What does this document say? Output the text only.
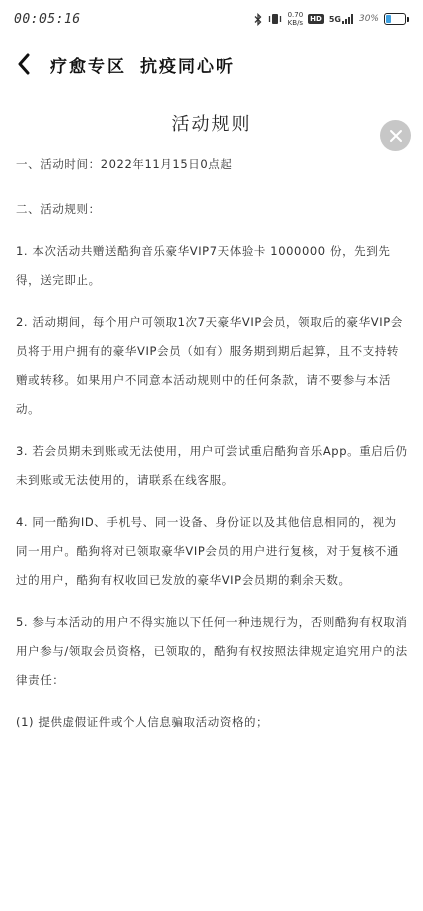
00:05:16	0.70
KB/s HD 5G 30%
疗愈专区 抗疫同心听
活动规则

一、活动时间：2022年11月15日0点起

二、活动规则：

1. 本次活动共赠送酷狗音乐豪华VIP7天体验卡 1000000 份，先到先得，送完即止。

2. 活动期间，每个用户可领取1次7天豪华VIP会员，领取后的豪华VIP会员将于用户拥有的豪华VIP会员（如有）服务期到期后起算，且不支持转赠或转移。如果用户不同意本活动规则中的任何条款，请不要参与本活动。

3. 若会员期未到账或无法使用，用户可尝试重启酷狗音乐App。重启后仍未到账或无法使用的，请联系在线客服。

4. 同一酷狗ID、手机号、同一设备、身份证以及其他信息相同的，视为同一用户。酷狗将对已领取豪华VIP会员的用户进行复核，对于复核不通过的用户，酷狗有权收回已发放的豪华VIP会员期的剩余天数。

5. 参与本活动的用户不得实施以下任何一种违规行为，否则酷狗有权取消用户参与/领取会员资格，已领取的，酷狗有权按照法律规定追究用户的法律责任：

(1) 提供虚假证件或个人信息骗取活动资格的；
